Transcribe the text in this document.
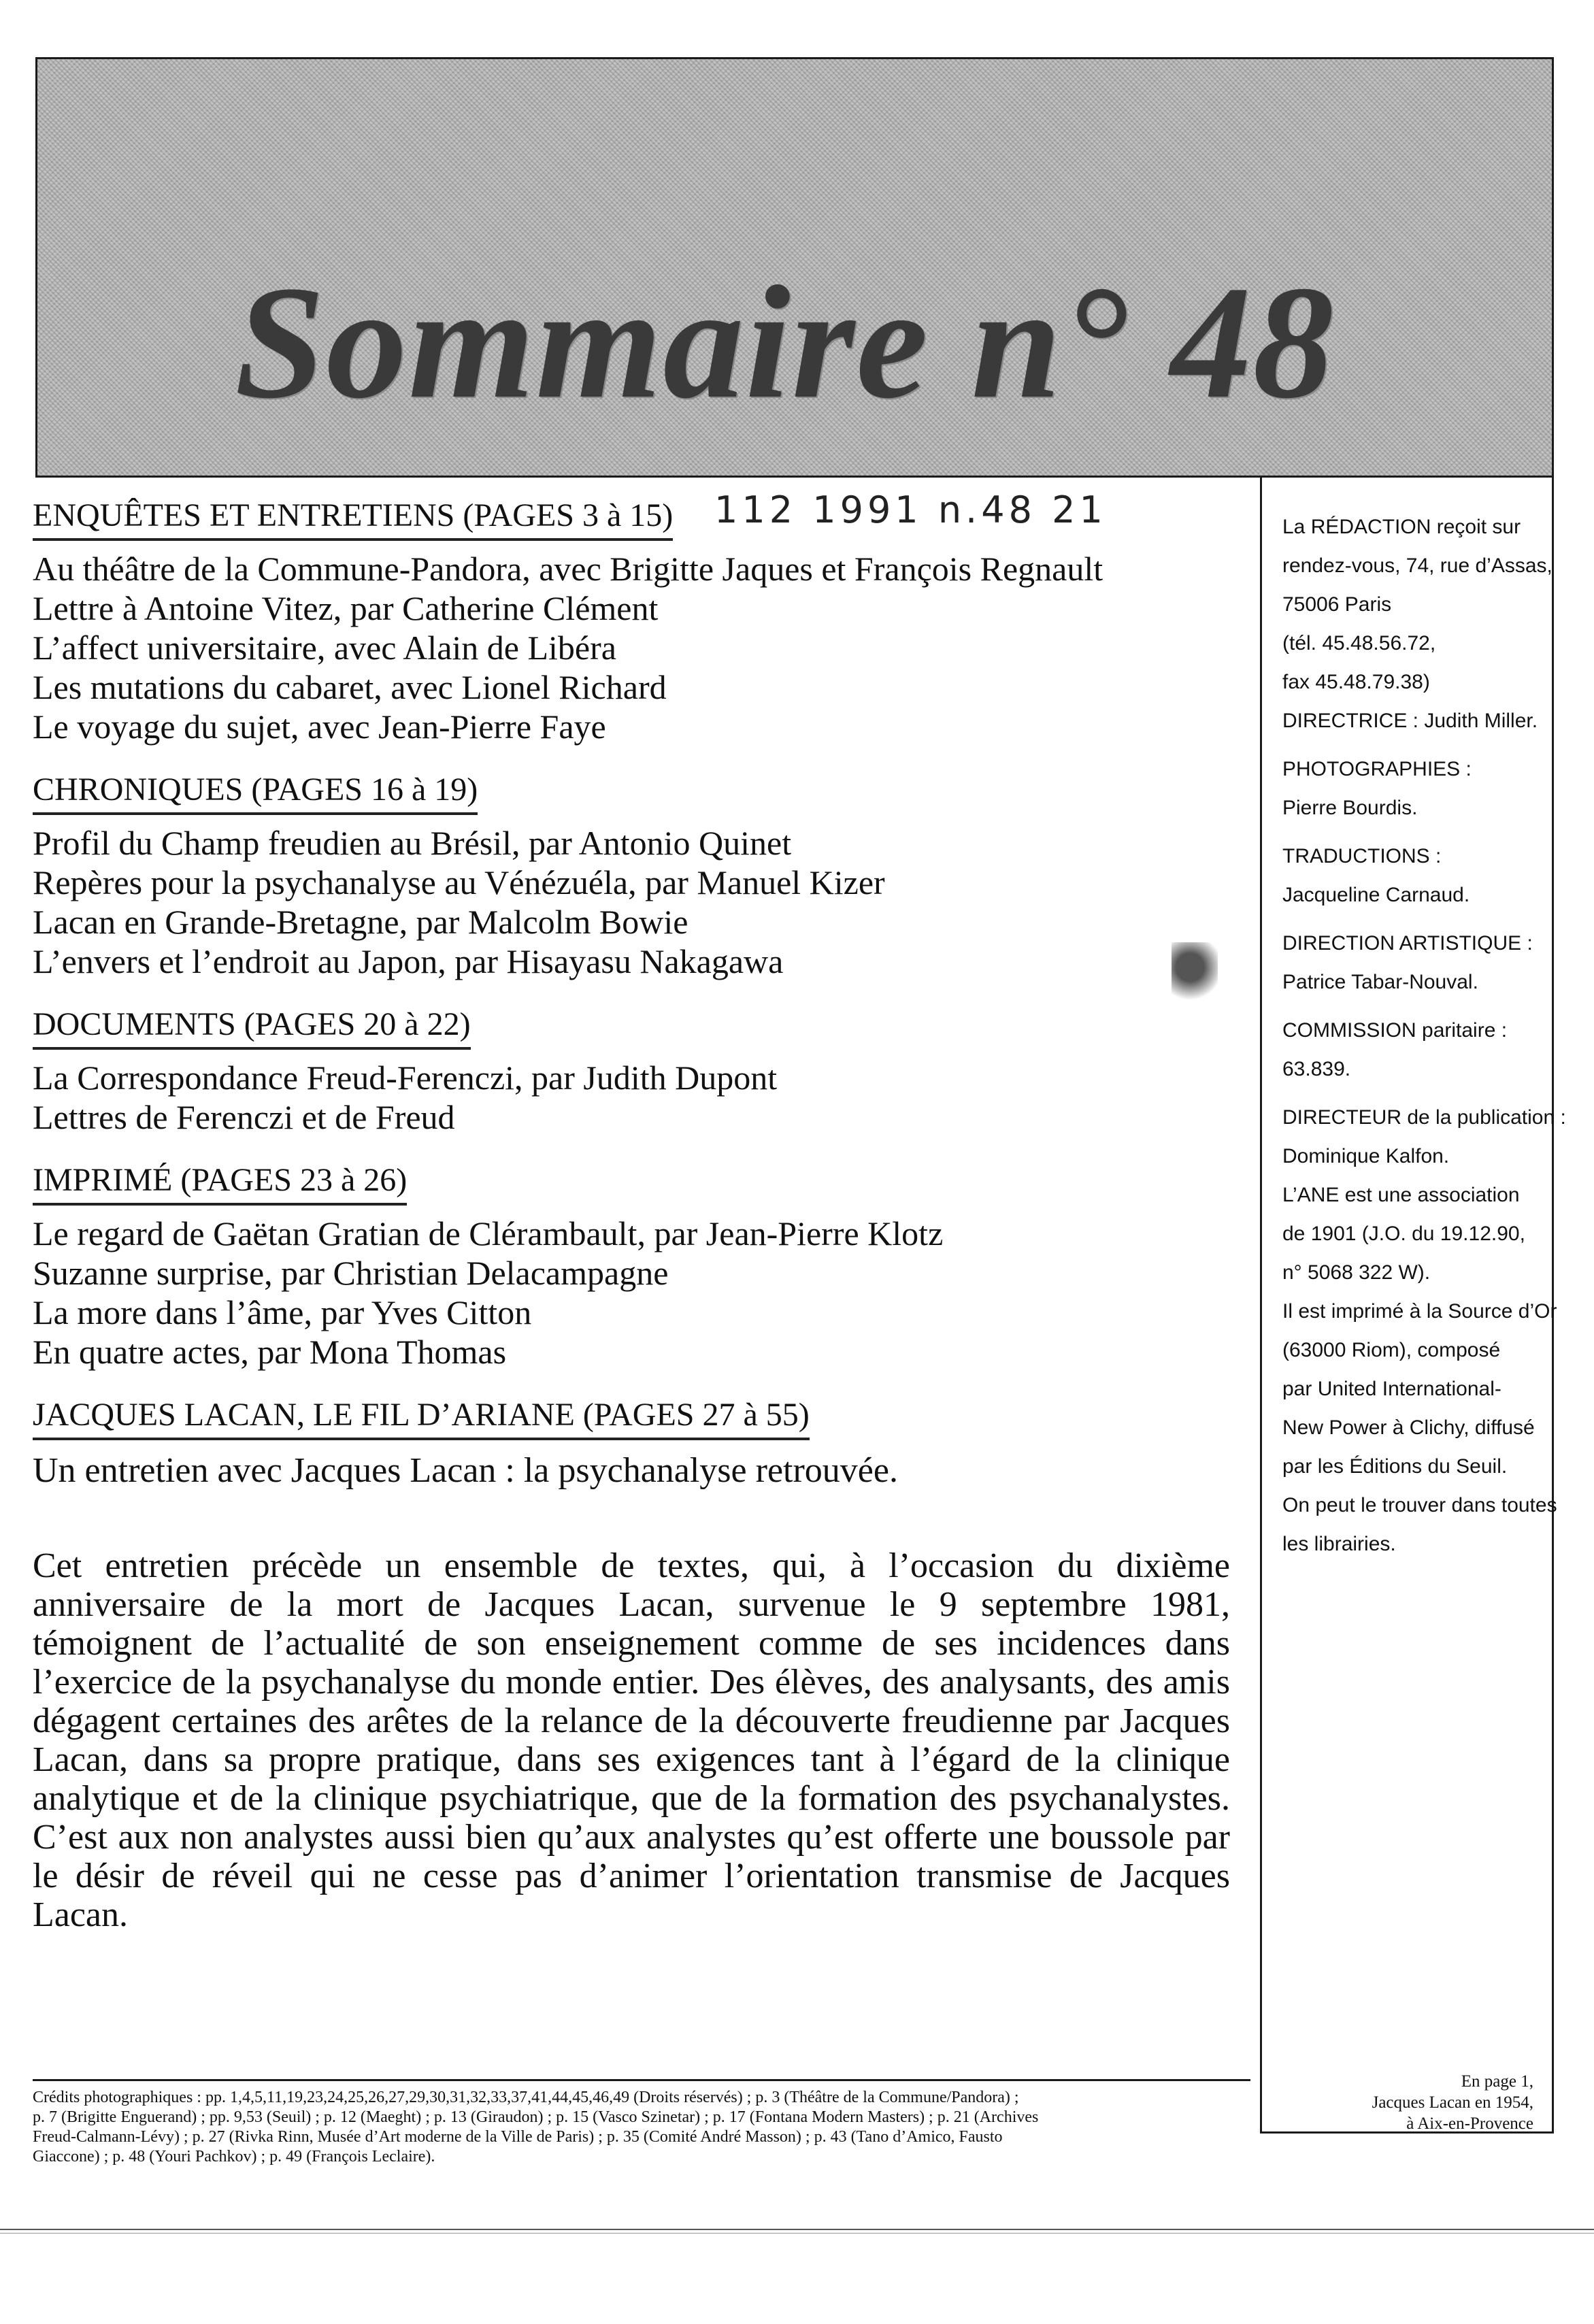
Sommaire n° 48
112 1991 n.48 21
ENQUÊTES ET ENTRETIENS (PAGES 3 à 15)
Au théâtre de la Commune-Pandora, avec Brigitte Jaques et François Regnault
Lettre à Antoine Vitez, par Catherine Clément
L’affect universitaire, avec Alain de Libéra
Les mutations du cabaret, avec Lionel Richard
Le voyage du sujet, avec Jean-Pierre Faye
CHRONIQUES (PAGES 16 à 19)
Profil du Champ freudien au Brésil, par Antonio Quinet
Repères pour la psychanalyse au Vénézuéla, par Manuel Kizer
Lacan en Grande-Bretagne, par Malcolm Bowie
L’envers et l’endroit au Japon, par Hisayasu Nakagawa
DOCUMENTS (PAGES 20 à 22)
La Correspondance Freud-Ferenczi, par Judith Dupont
Lettres de Ferenczi et de Freud
IMPRIMÉ (PAGES 23 à 26)
Le regard de Gaëtan Gratian de Clérambault, par Jean-Pierre Klotz
Suzanne surprise, par Christian Delacampagne
La more dans l’âme, par Yves Citton
En quatre actes, par Mona Thomas
JACQUES LACAN, LE FIL D’ARIANE (PAGES 27 à 55)
Un entretien avec Jacques Lacan : la psychanalyse retrouvée.

Cet entretien précède un ensemble de textes, qui, à l’occasion du dixième anniversaire de la mort de Jacques Lacan, survenue le 9 septembre 1981, témoignent de l’actualité de son enseignement comme de ses incidences dans l’exercice de la psychanalyse du monde entier. Des élèves, des analysants, des amis dégagent certaines des arêtes de la relance de la découverte freudienne par Jacques Lacan, dans sa propre pratique, dans ses exigences tant à l’égard de la clinique analytique et de la clinique psychiatrique, que de la formation des psychanalystes. C’est aux non analystes aussi bien qu’aux analystes qu’est offerte une boussole par le désir de réveil qui ne cesse pas d’animer l’orientation transmise de Jacques Lacan.

La RÉDACTION reçoit sur
rendez-vous, 74, rue d’Assas,
75006 Paris
(tél. 45.48.56.72,
fax 45.48.79.38)
DIRECTRICE : Judith Miller.
PHOTOGRAPHIES :
Pierre Bourdis.
TRADUCTIONS :
Jacqueline Carnaud.
DIRECTION ARTISTIQUE :
Patrice Tabar-Nouval.
COMMISSION paritaire :
63.839.
DIRECTEUR de la publication :
Dominique Kalfon.
L’ANE est une association
de 1901 (J.O. du 19.12.90,
n° 5068 322 W).
Il est imprimé à la Source d’Or
(63000 Riom), composé
par United International-
New Power à Clichy, diffusé
par les Éditions du Seuil.
On peut le trouver dans toutes
les librairies.
Crédits photographiques : pp. 1,4,5,11,19,23,24,25,26,27,29,30,31,32,33,37,41,44,45,46,49 (Droits réservés) ; p. 3 (Théâtre de la Commune/Pandora) ;
p. 7 (Brigitte Enguerand) ; pp. 9,53 (Seuil) ; p. 12 (Maeght) ; p. 13 (Giraudon) ; p. 15 (Vasco Szinetar) ; p. 17 (Fontana Modern Masters) ; p. 21 (Archives
Freud-Calmann-Lévy) ; p. 27 (Rivka Rinn, Musée d’Art moderne de la Ville de Paris) ; p. 35 (Comité André Masson) ; p. 43 (Tano d’Amico, Fausto
Giaccone) ; p. 48 (Youri Pachkov) ; p. 49 (François Leclaire).
En page 1,
Jacques Lacan en 1954,
à Aix-en-Provence
